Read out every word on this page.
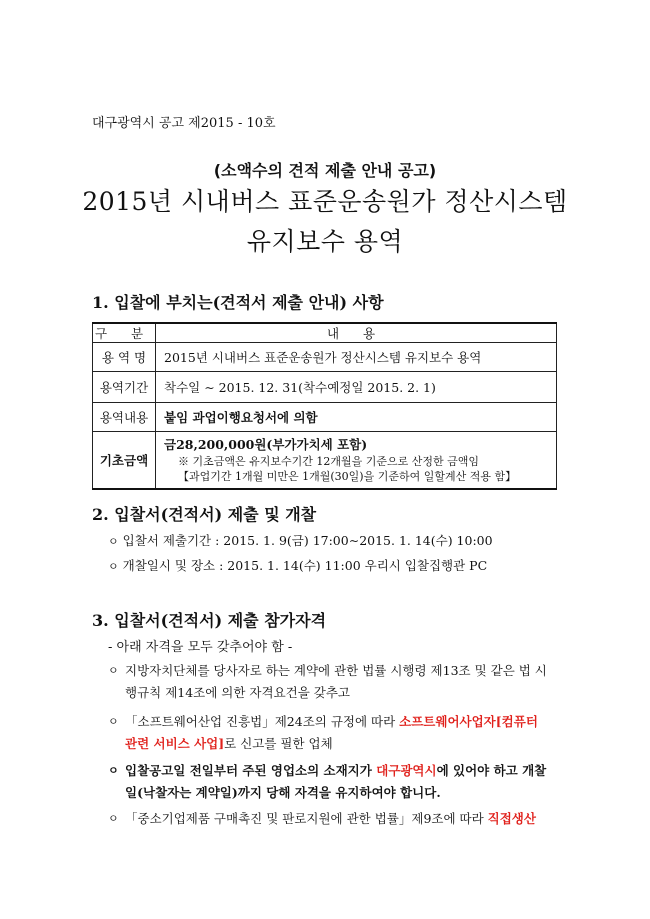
대구광역시 공고 제2015 - 10호
(소액수의 견적 제출 안내 공고)
2015년 시내버스 표준운송원가 정산시스템
유지보수 용역
1. 입찰에 부치는(견적서 제출 안내) 사항
구 분	내 용
용 역 명	2015년 시내버스 표준운송원가 정산시스템 유지보수 용역
용역기간	착수일 ∼ 2015. 12. 31(착수예정일 2015. 2. 1)
용역내용	붙임 과업이행요청서에 의함
기초금액	금28,200,000원(부가가치세 포함)
※ 기초금액은 유지보수기간 12개월을 기준으로 산정한 금액임
【과업기간 1개월 미만은 1개월(30일)을 기준하여 일할계산 적용 함】
2. 입찰서(견적서) 제출 및 개찰
ㅇ 입찰서 제출기간 : 2015. 1. 9(금) 17:00∼2015. 1. 14(수) 10:00
ㅇ 개찰일시 및 장소 : 2015. 1. 14(수) 11:00 우리시 입찰집행관 PC
3. 입찰서(견적서) 제출 참가자격
- 아래 자격을 모두 갖추어야 함 -
ㅇ 지방자치단체를 당사자로 하는 계약에 관한 법률 시행령 제13조 및 같은 법 시행규칙 제14조에 의한 자격요건을 갖추고
ㅇ 「소프트웨어산업 진흥법」제24조의 규정에 따라 소프트웨어사업자[컴퓨터 관련 서비스 사업]로 신고를 필한 업체
ㅇ 입찰공고일 전일부터 주된 영업소의 소재지가 대구광역시에 있어야 하고 개찰일(낙찰자는 계약일)까지 당해 자격을 유지하여야 합니다.
ㅇ 「중소기업제품 구매촉진 및 판로지원에 관한 법률」제9조에 따라 직접생산
